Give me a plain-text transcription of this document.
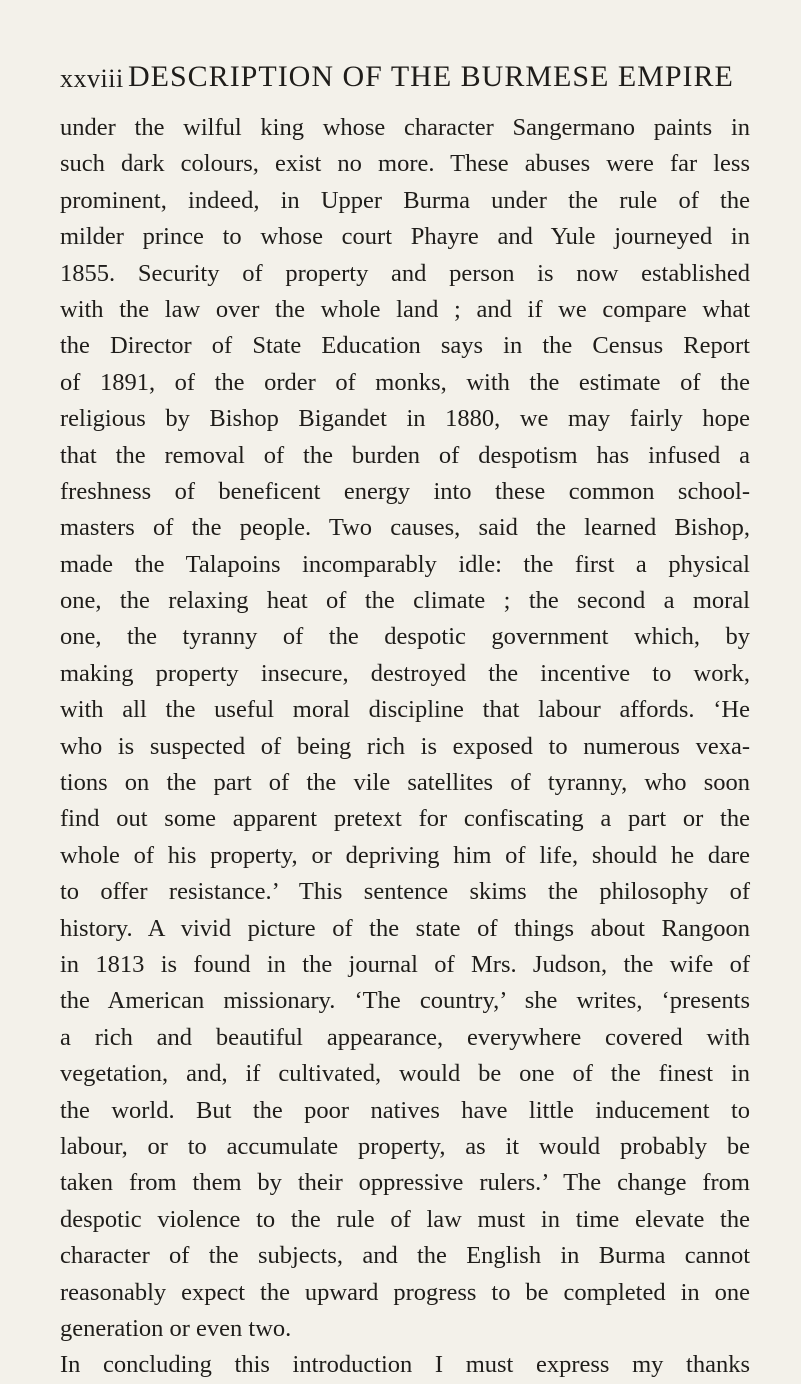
xxviii DESCRIPTION OF THE BURMESE EMPIRE
under the wilful king whose character Sangermano paints in
such dark colours, exist no more. These abuses were far less
prominent, indeed, in Upper Burma under the rule of the
milder prince to whose court Phayre and Yule journeyed in
1855. Security of property and person is now established
with the law over the whole land ; and if we compare what
the Director of State Education says in the Census Report
of 1891, of the order of monks, with the estimate of the
religious by Bishop Bigandet in 1880, we may fairly hope
that the removal of the burden of despotism has infused a
freshness of beneficent energy into these common school-
masters of the people. Two causes, said the learned Bishop,
made the Talapoins incomparably idle: the first a physical
one, the relaxing heat of the climate ; the second a moral
one, the tyranny of the despotic government which, by
making property insecure, destroyed the incentive to work,
with all the useful moral discipline that labour affords. ‘He
who is suspected of being rich is exposed to numerous vexa-
tions on the part of the vile satellites of tyranny, who soon
find out some apparent pretext for confiscating a part or the
whole of his property, or depriving him of life, should he dare
to offer resistance.’ This sentence skims the philosophy of
history. A vivid picture of the state of things about Rangoon
in 1813 is found in the journal of Mrs. Judson, the wife of
the American missionary. ‘The country,’ she writes, ‘presents
a rich and beautiful appearance, everywhere covered with
vegetation, and, if cultivated, would be one of the finest in
the world. But the poor natives have little inducement to
labour, or to accumulate property, as it would probably be
taken from them by their oppressive rulers.’ The change from
despotic violence to the rule of law must in time elevate the
character of the subjects, and the English in Burma cannot
reasonably expect the upward progress to be completed in one
generation or even two.
In concluding this introduction I must express my thanks
